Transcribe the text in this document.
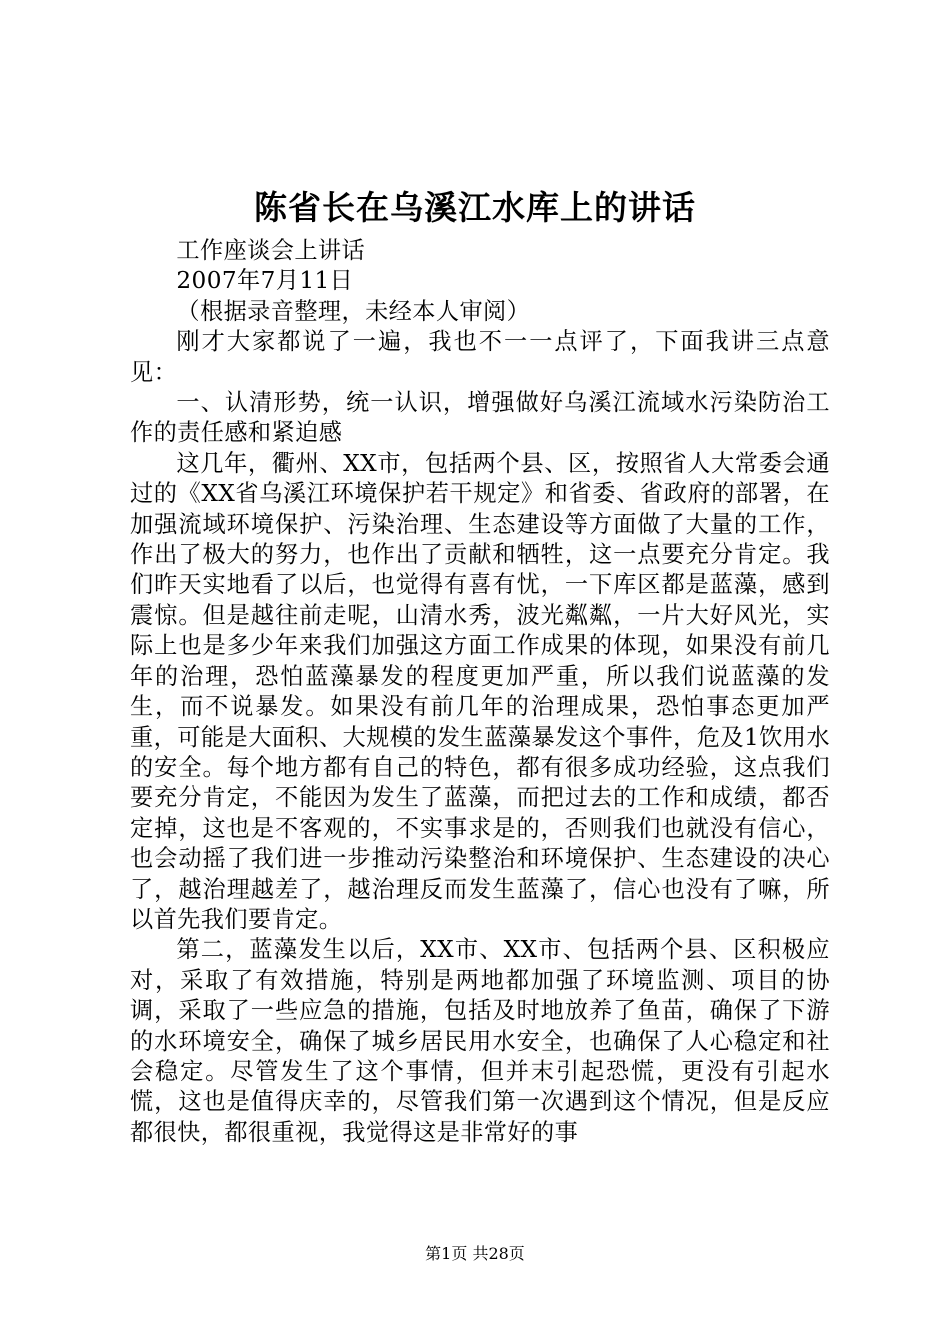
陈省长在乌溪江水库上的讲话

工作座谈会上讲话

2007年7月11日

（根据录音整理，未经本人审阅）

刚才大家都说了一遍，我也不一一点评了，下面我讲三点意见：

一、认清形势，统一认识，增强做好乌溪江流域水污染防治工作的责任感和紧迫感

这几年，衢州、XX市，包括两个县、区，按照省人大常委会通过的《XX省乌溪江环境保护若干规定》和省委、省政府的部署，在加强流域环境保护、污染治理、生态建设等方面做了大量的工作，作出了极大的努力，也作出了贡献和牺牲，这一点要充分肯定。我们昨天实地看了以后，也觉得有喜有忧，一下库区都是蓝藻，感到震惊。但是越往前走呢，山清水秀，波光粼粼，一片大好风光，实际上也是多少年来我们加强这方面工作成果的体现，如果没有前几年的治理，恐怕蓝藻暴发的程度更加严重，所以我们说蓝藻的发生，而不说暴发。如果没有前几年的治理成果，恐怕事态更加严重，可能是大面积、大规模的发生蓝藻暴发这个事件，危及1饮用水的安全。每个地方都有自己的特色，都有很多成功经验，这点我们要充分肯定，不能因为发生了蓝藻，而把过去的工作和成绩，都否定掉，这也是不客观的，不实事求是的，否则我们也就没有信心，也会动摇了我们进一步推动污染整治和环境保护、生态建设的决心了，越治理越差了，越治理反而发生蓝藻了，信心也没有了嘛，所以首先我们要肯定。

第二，蓝藻发生以后，XX市、XX市、包括两个县、区积极应对，采取了有效措施，特别是两地都加强了环境监测、项目的协调，采取了一些应急的措施，包括及时地放养了鱼苗，确保了下游的水环境安全，确保了城乡居民用水安全，也确保了人心稳定和社会稳定。尽管发生了这个事情，但并末引起恐慌，更没有引起水慌，这也是值得庆幸的，尽管我们第一次遇到这个情况，但是反应都很快，都很重视，我觉得这是非常好的事

第1页 共28页
